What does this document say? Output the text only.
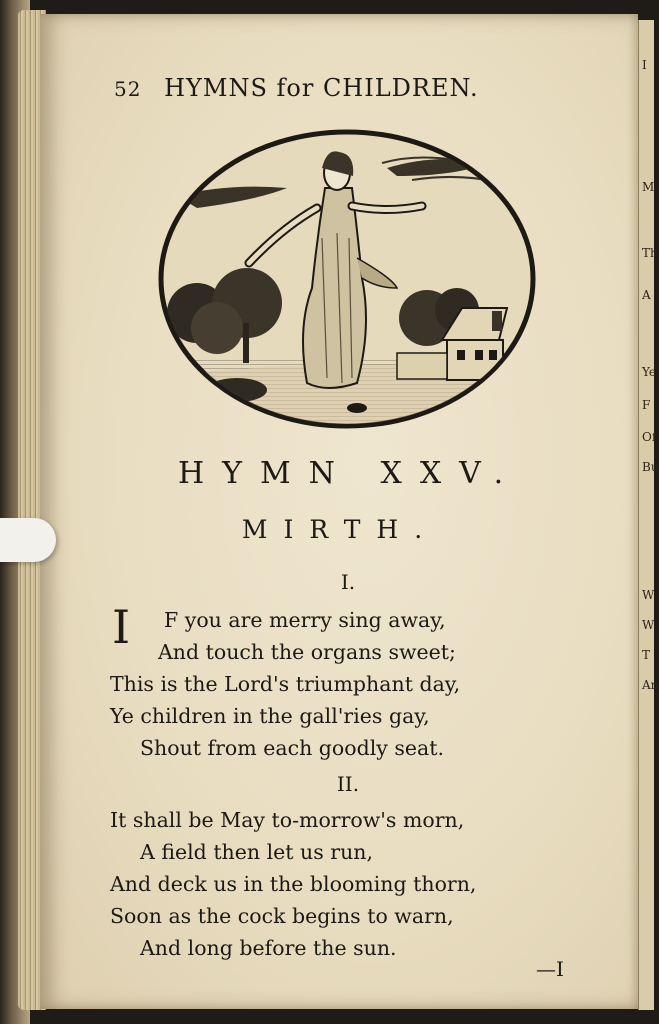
I
M
Th
A
Ye
F
Of
Bu
W
W
T
An
52 HYMNS for CHILDREN.
HYMN XXV.
MIRTH.
I.
I	F you are merry sing away,
And touch the organs sweet;
This is the Lord's triumphant day,
Ye children in the gall'ries gay,
Shout from each goodly seat.
II.
It shall be May to-morrow's morn,
A field then let us run,
And deck us in the blooming thorn,
Soon as the cock begins to warn,
And long before the sun.
—I
